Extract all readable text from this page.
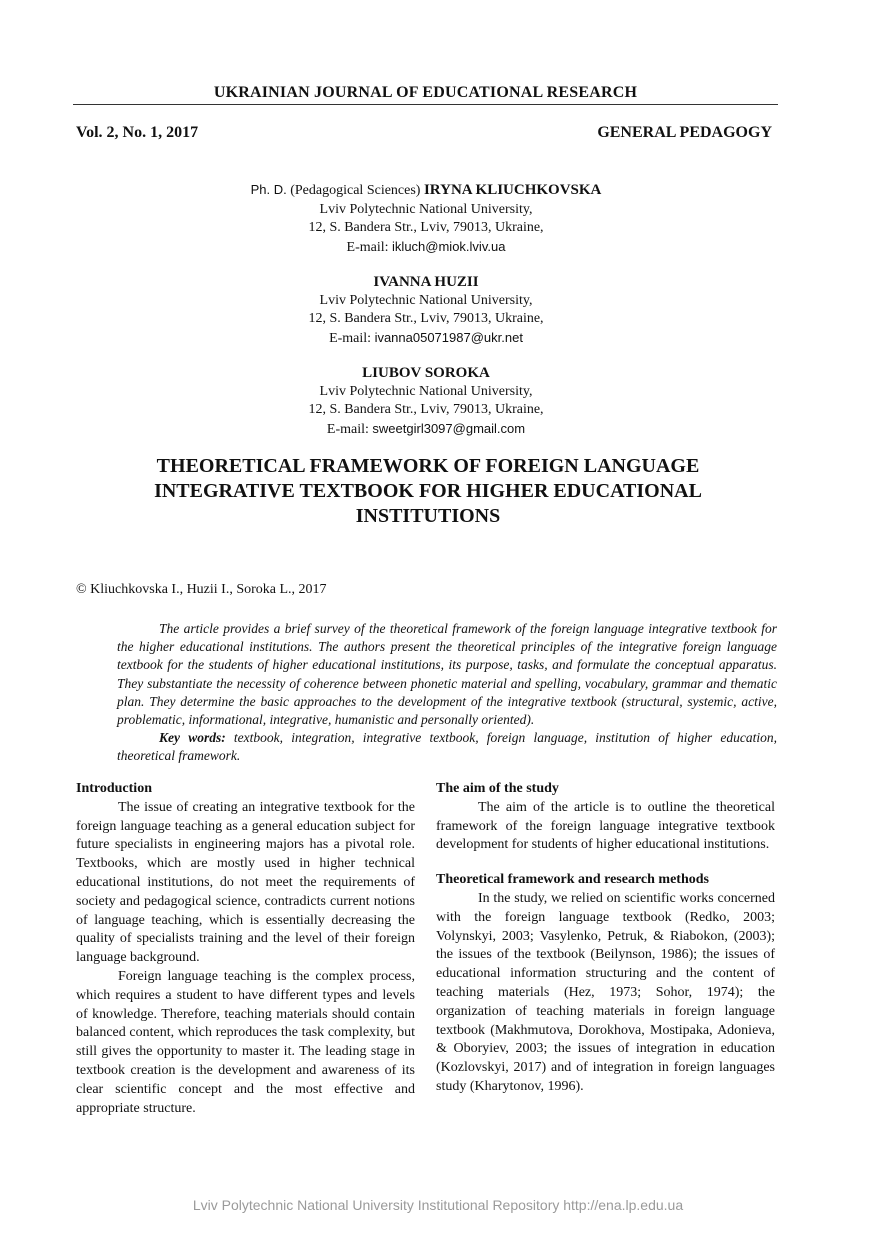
UKRAINIAN JOURNAL OF EDUCATIONAL RESEARCH
Vol. 2, No. 1, 2017	GENERAL PEDAGOGY
Ph. D. (Pedagogical Sciences) IRYNA KLIUCHKOVSKA
Lviv Polytechnic National University,
12, S. Bandera Str., Lviv, 79013, Ukraine,
E-mail: ikluch@miok.lviv.ua
IVANNA HUZII
Lviv Polytechnic National University,
12, S. Bandera Str., Lviv, 79013, Ukraine,
E-mail: ivanna05071987@ukr.net
LIUBOV SOROKA
Lviv Polytechnic National University,
12, S. Bandera Str., Lviv, 79013, Ukraine,
E-mail: sweetgirl3097@gmail.com
THEORETICAL FRAMEWORK OF FOREIGN LANGUAGE
INTEGRATIVE TEXTBOOK FOR HIGHER EDUCATIONAL
INSTITUTIONS
© Kliuchkovska I., Huzii I., Soroka L., 2017

The article provides a brief survey of the theoretical framework of the foreign language integrative textbook for the higher educational institutions. The authors present the theoretical principles of the integrative foreign language textbook for the students of higher educational institutions, its purpose, tasks, and formulate the conceptual apparatus. They substantiate the necessity of coherence between phonetic material and spelling, vocabulary, grammar and thematic plan. They determine the basic approaches to the development of the integrative textbook (structural, systemic, active, problematic, informational, integrative, humanistic and personally oriented).

Key words: textbook, integration, integrative textbook, foreign language, institution of higher education, theoretical framework.

Introduction

The issue of creating an integrative textbook for the foreign language teaching as a general education subject for future specialists in engineering majors has a pivotal role. Textbooks, which are mostly used in higher technical educational institutions, do not meet the requirements of society and pedagogical science, contradicts current notions of language teaching, which is essentially decreasing the quality of specialists training and the level of their foreign language background.

Foreign language teaching is the complex process, which requires a student to have different types and levels of knowledge. Therefore, teaching materials should contain balanced content, which reproduces the task complexity, but still gives the opportunity to master it. The leading stage in textbook creation is the development and awareness of its clear scientific concept and the most effective and appropriate structure.

The aim of the study

The aim of the article is to outline the theoretical framework of the foreign language integrative textbook development for students of higher educational institutions.

Theoretical framework and research methods

In the study, we relied on scientific works concerned with the foreign language textbook (Redko, 2003; Volynskyi, 2003; Vasylenko, Petruk, & Riabokon, (2003); the issues of the textbook (Beilynson, 1986); the issues of educational information structuring and the content of teaching materials (Hez, 1973; Sohor, 1974); the organization of teaching materials in foreign language textbook (Makhmutova, Dorokhova, Mostipaka, Adonieva, & Oboryiev, 2003; the issues of integration in education (Kozlovskyi, 2017) and of integration in foreign languages study (Kharytonov, 1996).

Lviv Polytechnic National University Institutional Repository http://ena.lp.edu.ua
